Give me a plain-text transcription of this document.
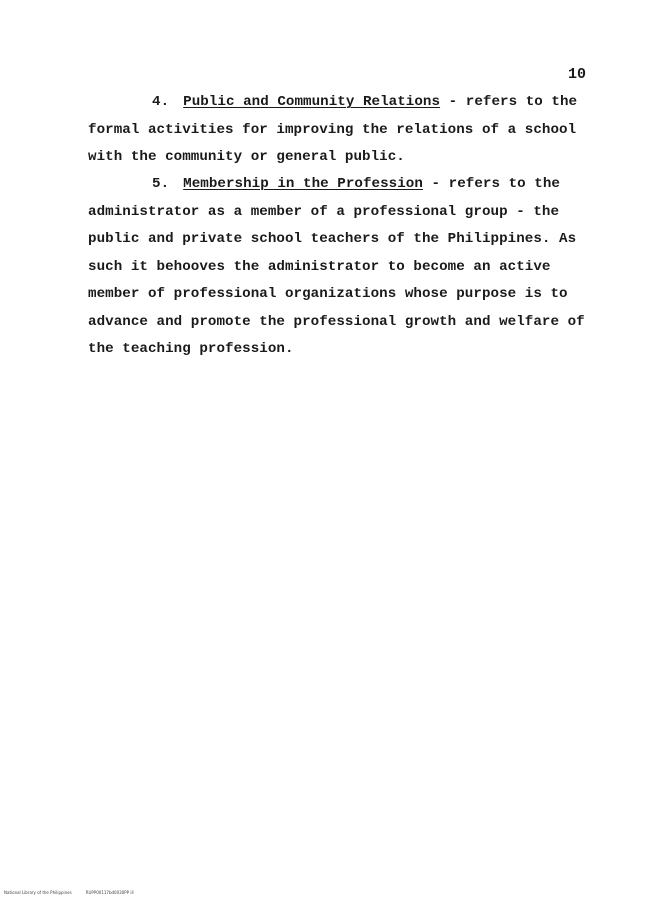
10
4. Public and Community Relations - refers to the
formal activities for improving the relations of a school
with the community or general public.
5. Membership in the Profession - refers to the
administrator as a member of a professional group - the
public and private school teachers of the Philippines. As
such it behooves the administrator to become an active
member of professional organizations whose purpose is to
advance and promote the professional growth and welfare of
the teaching profession.
National Library of the Philippines	RUPP00117bd0030PP ill
